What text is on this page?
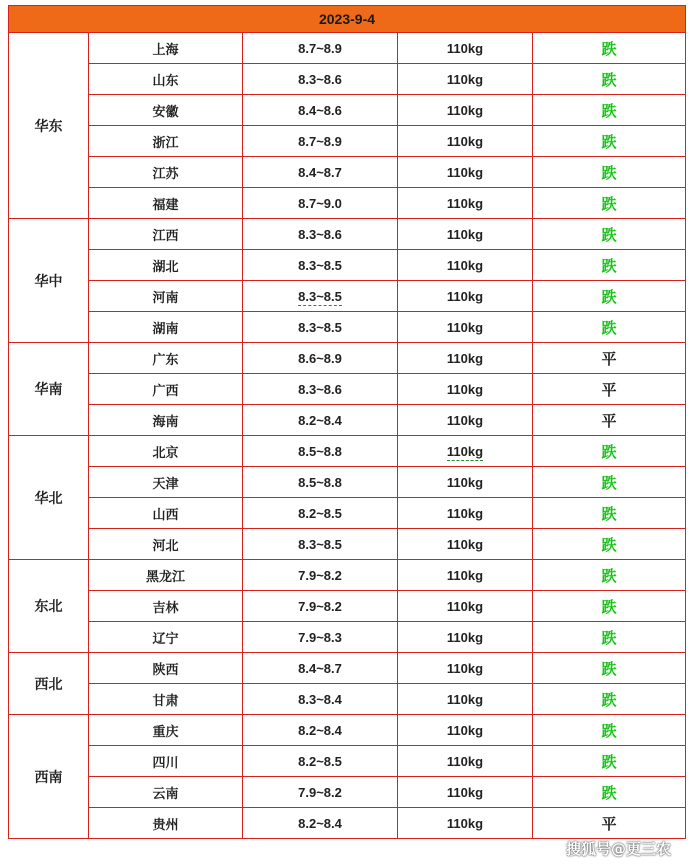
2023-9-4				
华东	上海	8.7~8.9	110kg	跌
	山东	8.3~8.6	110kg	跌
	安徽	8.4~8.6	110kg	跌
	浙江	8.7~8.9	110kg	跌
	江苏	8.4~8.7	110kg	跌
	福建	8.7~9.0	110kg	跌
华中	江西	8.3~8.6	110kg	跌
	湖北	8.3~8.5	110kg	跌
	河南	8.3~8.5	110kg	跌
	湖南	8.3~8.5	110kg	跌
华南	广东	8.6~8.9	110kg	平
	广西	8.3~8.6	110kg	平
	海南	8.2~8.4	110kg	平
华北	北京	8.5~8.8	110kg	跌
	天津	8.5~8.8	110kg	跌
	山西	8.2~8.5	110kg	跌
	河北	8.3~8.5	110kg	跌
东北	黑龙江	7.9~8.2	110kg	跌
	吉林	7.9~8.2	110kg	跌
	辽宁	7.9~8.3	110kg	跌
西北	陕西	8.4~8.7	110kg	跌
	甘肃	8.3~8.4	110kg	跌
西南	重庆	8.2~8.4	110kg	跌
	四川	8.2~8.5	110kg	跌
	云南	7.9~8.2	110kg	跌
	贵州	8.2~8.4	110kg	平
搜狐号@更三农
